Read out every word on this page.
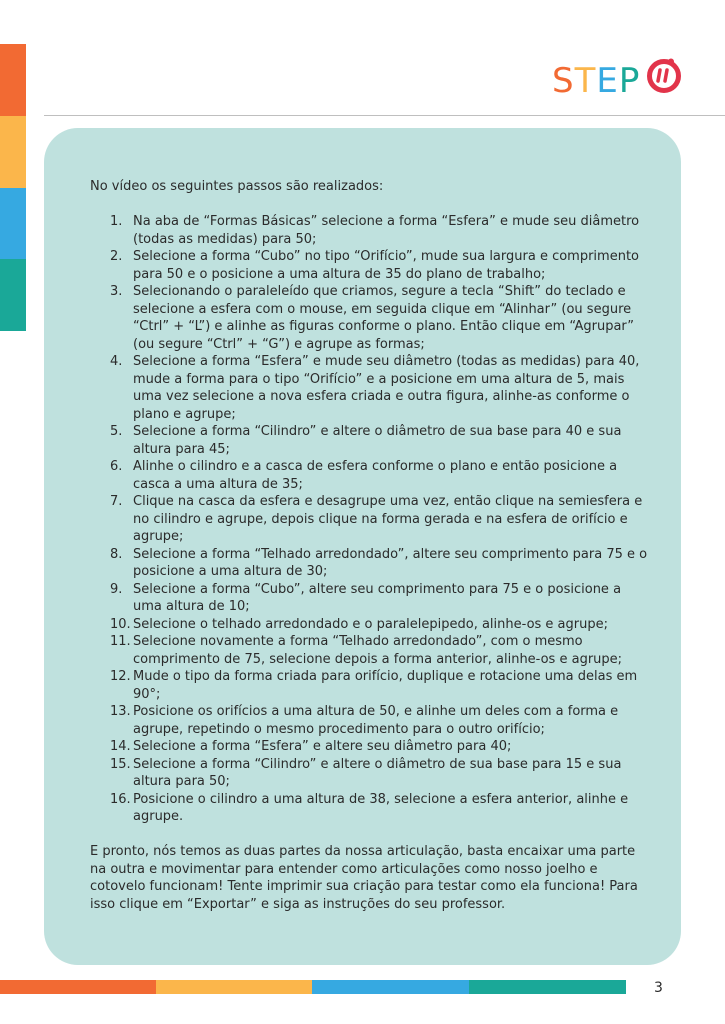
STEP

No vídeo os seguintes passos são realizados:

1. Na aba de “Formas Básicas” selecione a forma “Esfera” e mude seu diâmetro (todas as medidas) para 50;
2. Selecione a forma “Cubo” no tipo “Orifício”, mude sua largura e comprimento para 50 e o posicione a uma altura de 35 do plano de trabalho;
3. Selecionando o paraleleído que criamos, segure a tecla “Shift” do teclado e selecione a esfera com o mouse, em seguida clique em “Alinhar” (ou segure “Ctrl” + “L”) e alinhe as figuras conforme o plano. Então clique em “Agrupar” (ou segure “Ctrl” + “G”) e agrupe as formas;
4. Selecione a forma “Esfera” e mude seu diâmetro (todas as medidas) para 40, mude a forma para o tipo “Orifício” e a posicione em uma altura de 5, mais uma vez selecione a nova esfera criada e outra figura, alinhe-as conforme o plano e agrupe;
5. Selecione a forma “Cilindro” e altere o diâmetro de sua base para 40 e sua altura para 45;
6. Alinhe o cilindro e a casca de esfera conforme o plano e então posicione a casca a uma altura de 35;
7. Clique na casca da esfera e desagrupe uma vez, então clique na semiesfera e no cilindro e agrupe, depois clique na forma gerada e na esfera de orifício e agrupe;
8. Selecione a forma “Telhado arredondado”, altere seu comprimento para 75 e o posicione a uma altura de 30;
9. Selecione a forma “Cubo”, altere seu comprimento para 75 e o posicione a uma altura de 10;
10. Selecione o telhado arredondado e o paralelepipedo, alinhe-os e agrupe;
11. Selecione novamente a forma “Telhado arredondado”, com o mesmo comprimento de 75, selecione depois a forma anterior, alinhe-os e agrupe;
12. Mude o tipo da forma criada para orifício, duplique e rotacione uma delas em 90°;
13. Posicione os orifícios a uma altura de 50, e alinhe um deles com a forma e agrupe, repetindo o mesmo procedimento para o outro orifício;
14. Selecione a forma “Esfera” e altere seu diâmetro para 40;
15. Selecione a forma “Cilindro” e altere o diâmetro de sua base para 15 e sua altura para 50;
16. Posicione o cilindro a uma altura de 38, selecione a esfera anterior, alinhe e agrupe.

E pronto, nós temos as duas partes da nossa articulação, basta encaixar uma parte na outra e movimentar para entender como articulações como nosso joelho e cotovelo funcionam! Tente imprimir sua criação para testar como ela funciona! Para isso clique em “Exportar” e siga as instruções do seu professor.

3
